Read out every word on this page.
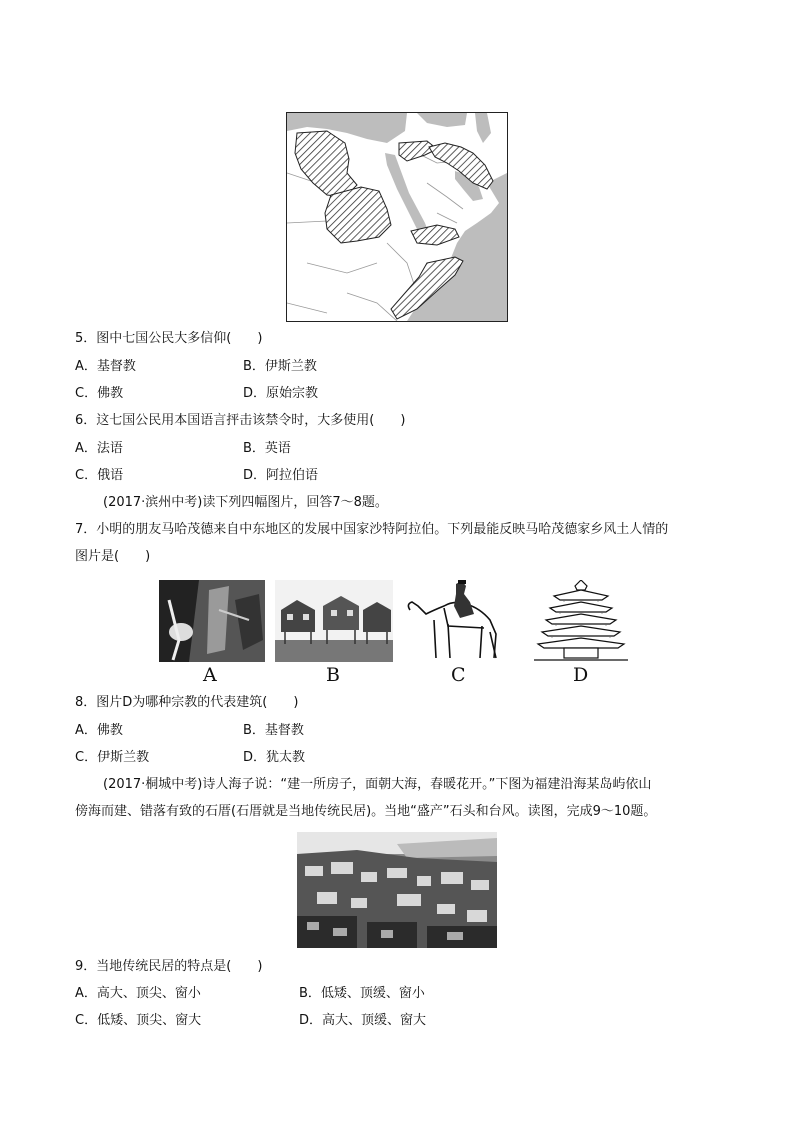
5．图中七国公民大多信仰(　　)
A．基督教	B．伊斯兰教
C．佛教	D．原始宗教
6．这七国公民用本国语言抨击该禁令时，大多使用(　　)
A．法语	B．英语
C．俄语	D．阿拉伯语
(2017·滨州中考)读下列四幅图片，回答7～8题。
7．小明的朋友马哈茂德来自中东地区的发展中国家沙特阿拉伯。下列最能反映马哈茂德家乡风土人情的
图片是(　　)
A	B	C	D
8．图片D为哪种宗教的代表建筑(　　)
A．佛教	B．基督教
C．伊斯兰教	D．犹太教
(2017·桐城中考)诗人海子说：“建一所房子，面朝大海，春暖花开。”下图为福建沿海某岛屿依山
傍海而建、错落有致的石厝(石厝就是当地传统民居)。当地“盛产”石头和台风。读图，完成9～10题。
9．当地传统民居的特点是(　　)
A．高大、顶尖、窗小	B．低矮、顶缓、窗小
C．低矮、顶尖、窗大	D．高大、顶缓、窗大
